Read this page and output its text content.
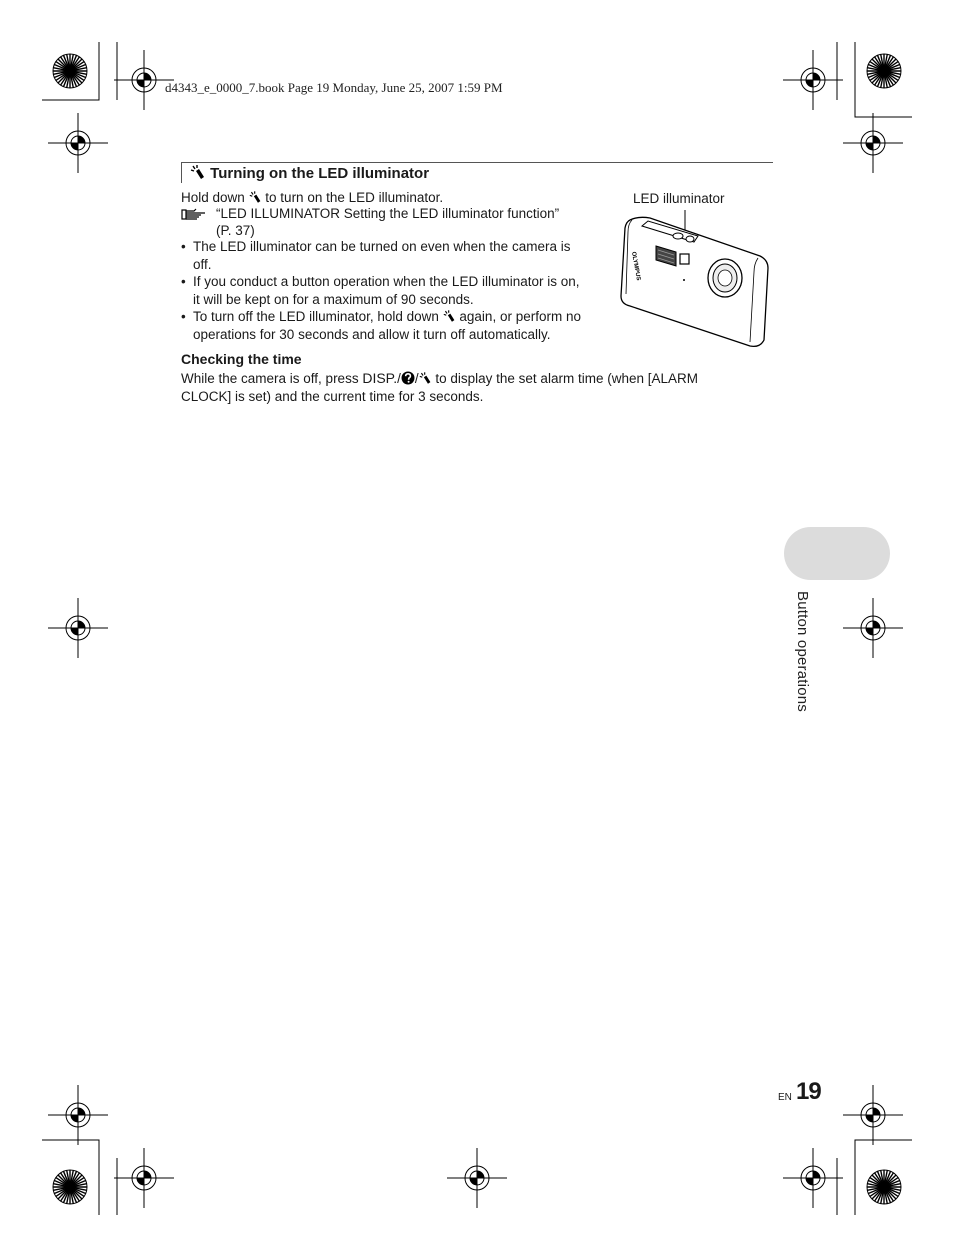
d4343_e_0000_7.book Page 19 Monday, June 25, 2007 1:59 PM
Turning on the LED illuminator
Hold down  to turn on the LED illuminator.
“LED ILLUMINATOR Setting the LED illuminator function”
(P. 37)
• The LED illuminator can be turned on even when the camera is
off.
• If you conduct a button operation when the LED illuminator is on,
it will be kept on for a maximum of 90 seconds.
• To turn off the LED illuminator, hold down  again, or perform no
operations for 30 seconds and allow it turn off automatically.
LED illuminator
OLYMPUS
Checking the time
While the camera is off, press DISP./ / to display the set alarm time (when [ALARM
CLOCK] is set) and the current time for 3 seconds.
Button operations
EN 19
